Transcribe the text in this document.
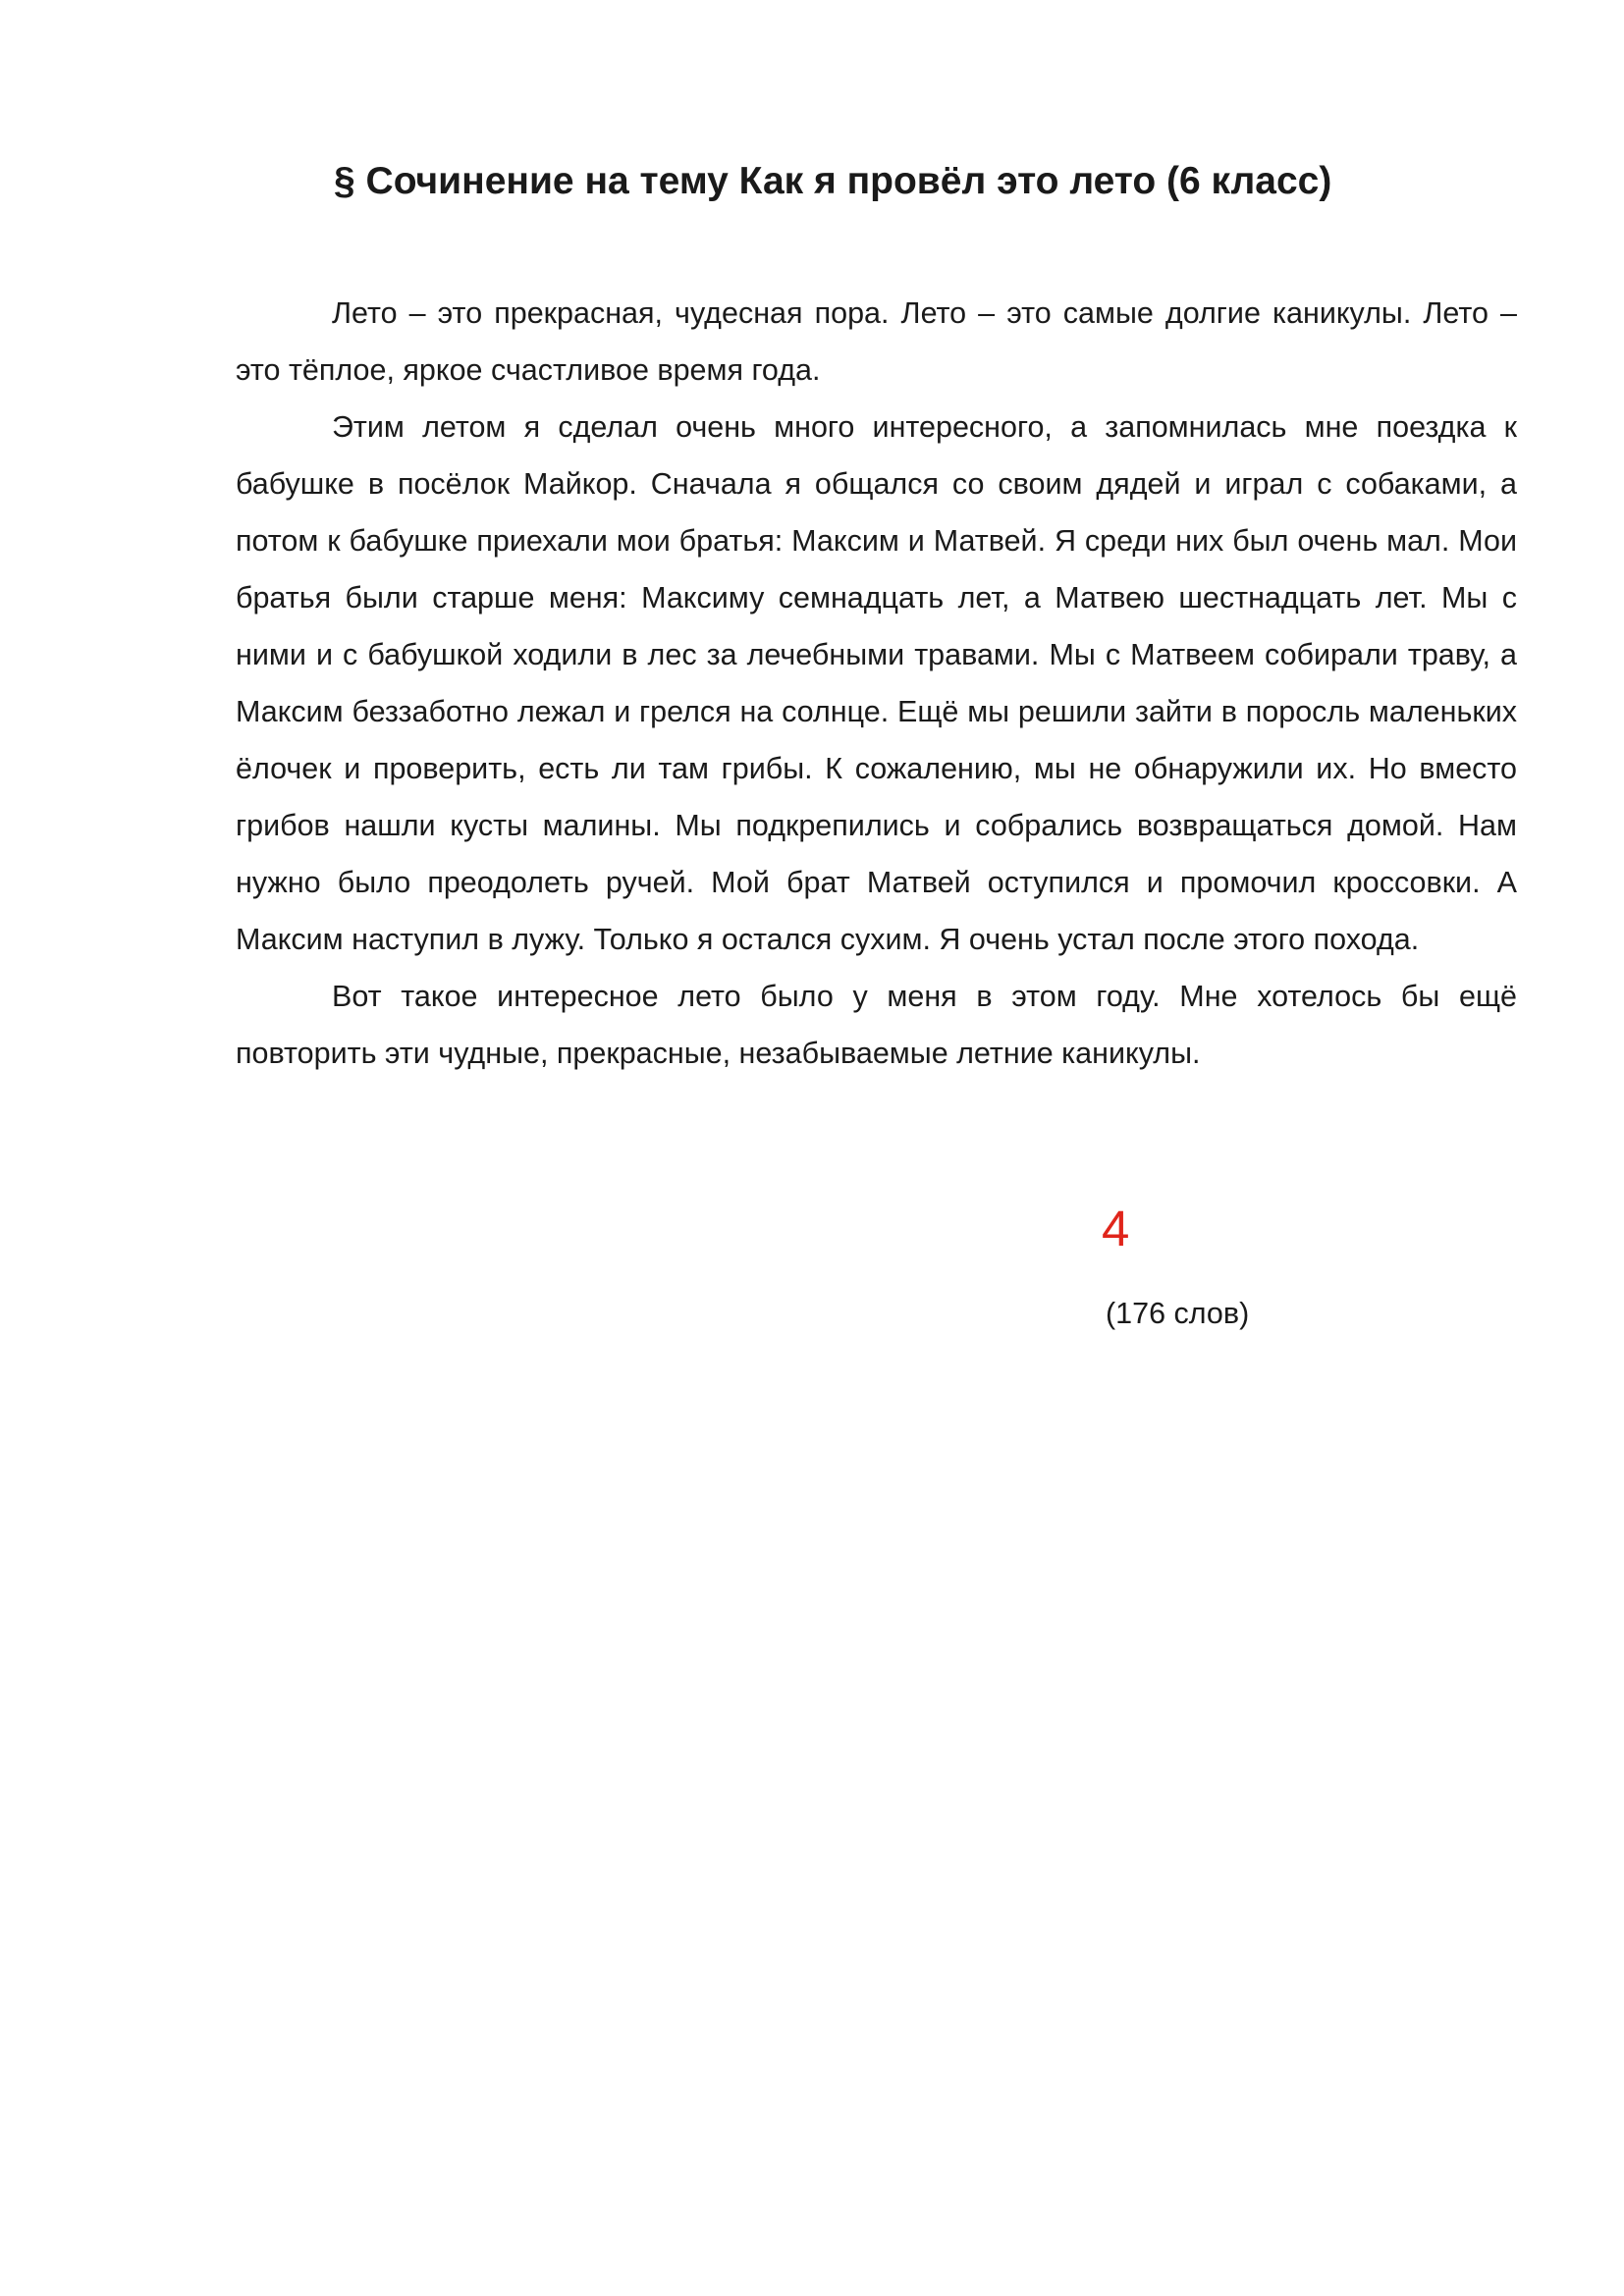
§ Сочинение на тему Как я провёл это лето (6 класс)

Лето – это прекрасная, чудесная пора. Лето – это самые долгие каникулы. Лето – это тёплое, яркое счастливое время года.

Этим летом я сделал очень много интересного, а запомнилась мне поездка к бабушке в посёлок Майкор. Сначала я общался со своим дядей и играл с собаками, а потом к бабушке приехали мои братья: Максим и Матвей. Я среди них был очень мал. Мои братья были старше меня: Максиму семнадцать лет, а Матвею шестнадцать лет. Мы с ними и с бабушкой ходили в лес за лечебными травами. Мы с Матвеем собирали траву, а Максим беззаботно лежал и грелся на солнце. Ещё мы решили зайти в поросль маленьких ёлочек и проверить, есть ли там грибы. К сожалению, мы не обнаружили их. Но вместо грибов нашли кусты малины. Мы подкрепились и собрались возвращаться домой. Нам нужно было преодолеть ручей. Мой брат Матвей оступился и промочил кроссовки. А Максим наступил в лужу. Только я остался сухим. Я очень устал после этого похода.

Вот такое интересное лето было у меня в этом году. Мне хотелось бы ещё повторить эти чудные, прекрасные, незабываемые летние каникулы.

4
(176 слов)
